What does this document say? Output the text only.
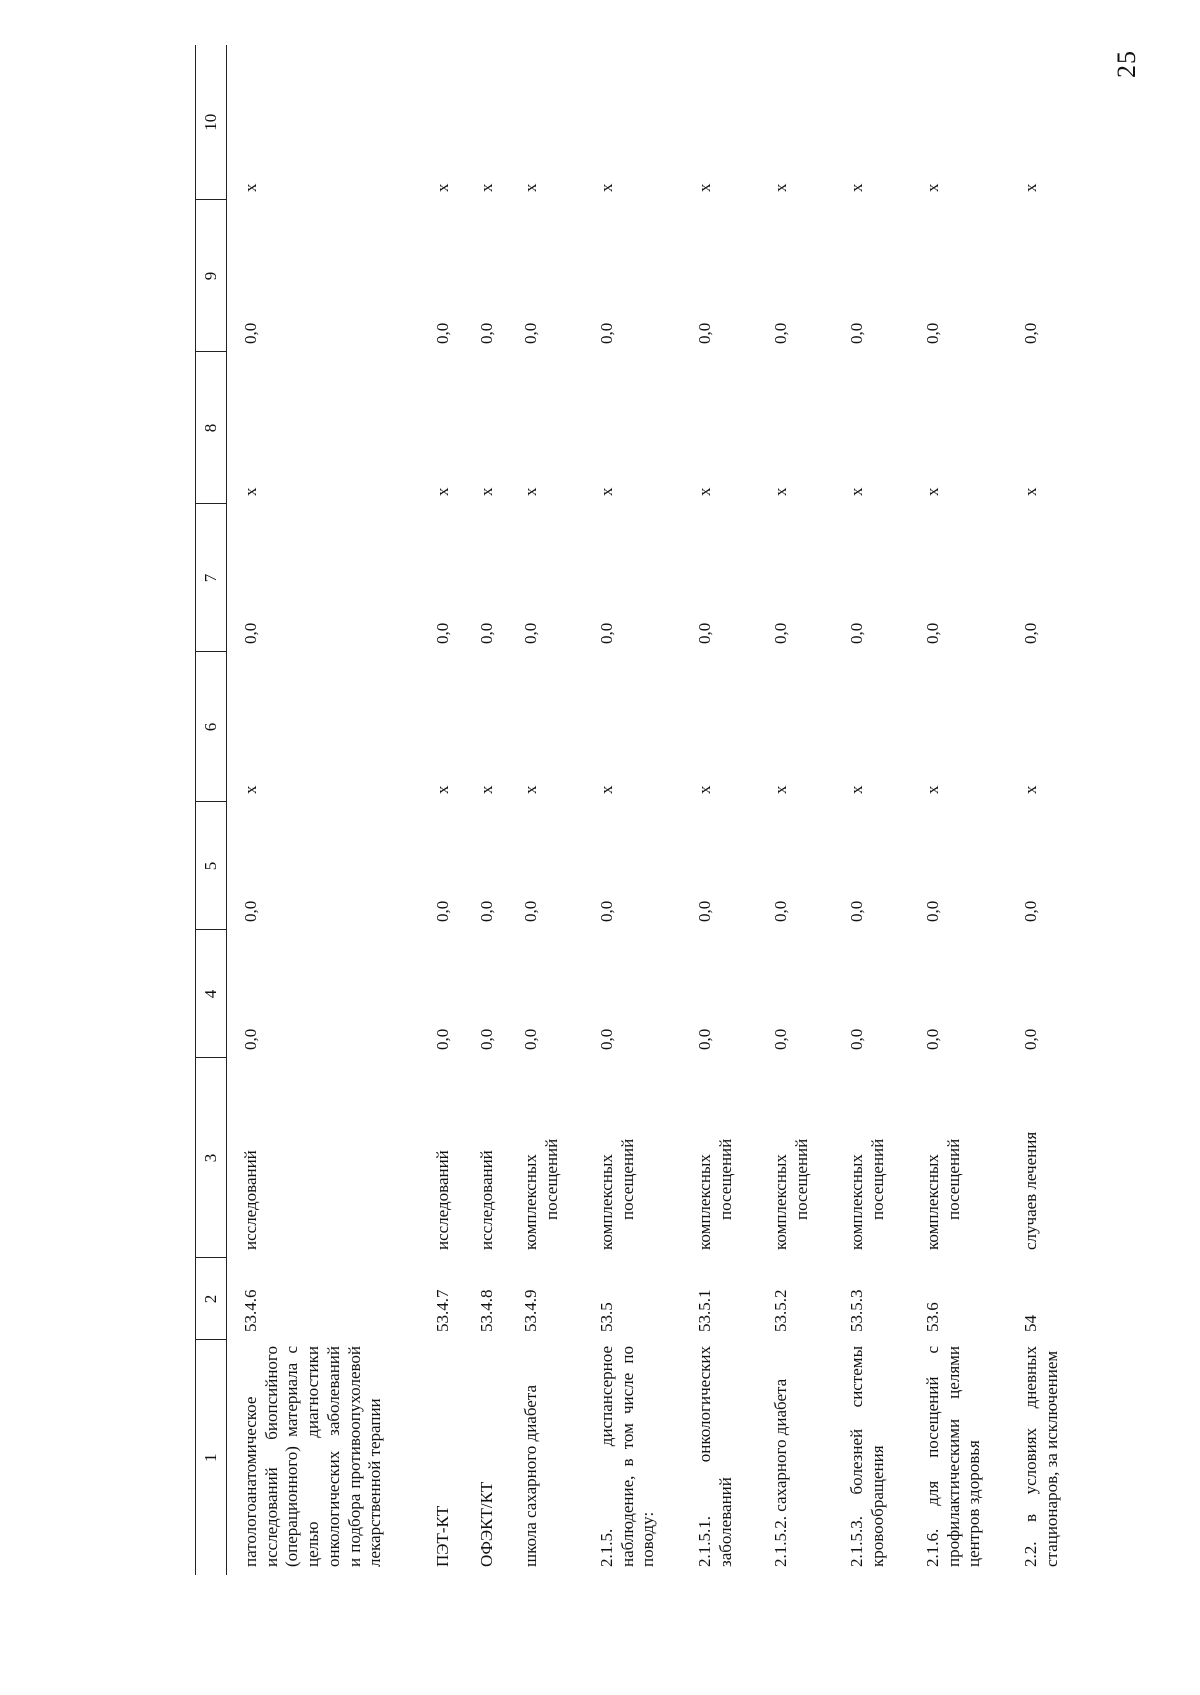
25
1	2	3	4	5	6	7	8	9	10
патологоанатомическое исследований биопсийного (операционного) материала с целью диагностики онкологических заболеваний и подбора противоопухолевой лекарственной терапии	53.4.6	исследований	0,0	0,0	x	0,0	x	0,0	x
ПЭТ-КТ	53.4.7	исследований	0,0	0,0	x	0,0	x	0,0	x
ОФЭКТ/КТ	53.4.8	исследований	0,0	0,0	x	0,0	x	0,0	x
школа сахарного диабета	53.4.9	комплексных посещений	0,0	0,0	x	0,0	x	0,0	x
2.1.5. диспансерное наблюдение, в том числе по поводу:	53.5	комплексных посещений	0,0	0,0	x	0,0	x	0,0	x
2.1.5.1. онкологических заболеваний	53.5.1	комплексных посещений	0,0	0,0	x	0,0	x	0,0	x
2.1.5.2. сахарного диабета	53.5.2	комплексных посещений	0,0	0,0	x	0,0	x	0,0	x
2.1.5.3. болезней системы кровообращения	53.5.3	комплексных посещений	0,0	0,0	x	0,0	x	0,0	x
2.1.6. для посещений с профилактическими целями центров здоровья	53.6	комплексных посещений	0,0	0,0	x	0,0	x	0,0	x
2.2. в условиях дневных стационаров, за исключением	54	случаев лечения	0,0	0,0	x	0,0	x	0,0	x
